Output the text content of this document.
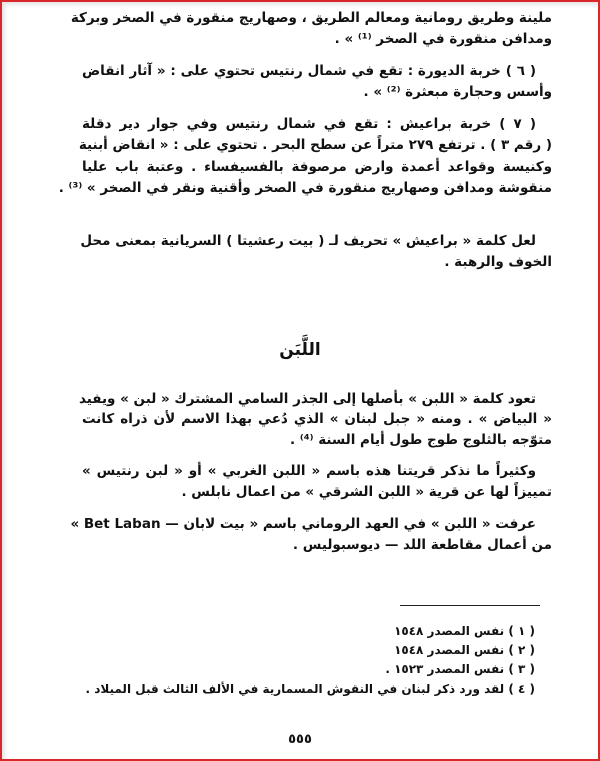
ملينة وطريق رومانية ومعالم الطريق ، وصهاريج منقورة في الصخر وبركة
ومدافن منقورة في الصخر ⁽¹⁾ » .
( ٦ ) خربة الديورة : تقع في شمال رنتيس تحتوي على : « آثار انقاض
وأسس وحجارة مبعثرة ⁽²⁾ » .
( ٧ ) خربة براعيش : تقع في شمال رنتيس وفي جوار دير دقلة
( رقم ٣ ) . ترتفع ٢٧٩ متراً عن سطح البحر . تحتوي على : « انقاض أبنية
وكنيسة وقواعد أعمدة وارض مرصوفة بالفسيفساء . وعتبة باب عليا
منقوشة ومدافن وصهاريج منقورة في الصخر وأقنية ونقر في الصخر » ⁽³⁾ .
لعل كلمة « براعيش » تحريف لـ ( بيت رعشيتا ) السريانية بمعنى محل
الخوف والرهبة .
اللَّبَن
تعود كلمة « اللبن » بأصلها إلى الجذر السامي المشترك « لبن » ويفيد
« البياض » . ومنه « جبل لبنان » الذي دُعي بهذا الاسم لأن ذراه كانت
متوّجه بالثلوج طوج طول أيام السنة ⁽⁴⁾ .
وكثيراً ما نذكر قريتنا هذه باسم « اللبن الغربي » أو « لبن رنتيس »
تمييزاً لها عن قرية « اللبن الشرقي » من اعمال نابلس .
عرفت « اللبن » في العهد الروماني باسم « بيت لابان — Bet Laban »
من أعمال مقاطعة اللد — ديوسبوليس .
( ١ ) نفس المصدر ١٥٤٨
( ٢ ) نفس المصدر ١٥٤٨
( ٣ ) نفس المصدر ١٥٢٣ .
( ٤ ) لقد ورد ذكر لبنان في النقوش المسمارية في الألف الثالث قبل الميلاد .
٥٥٥
